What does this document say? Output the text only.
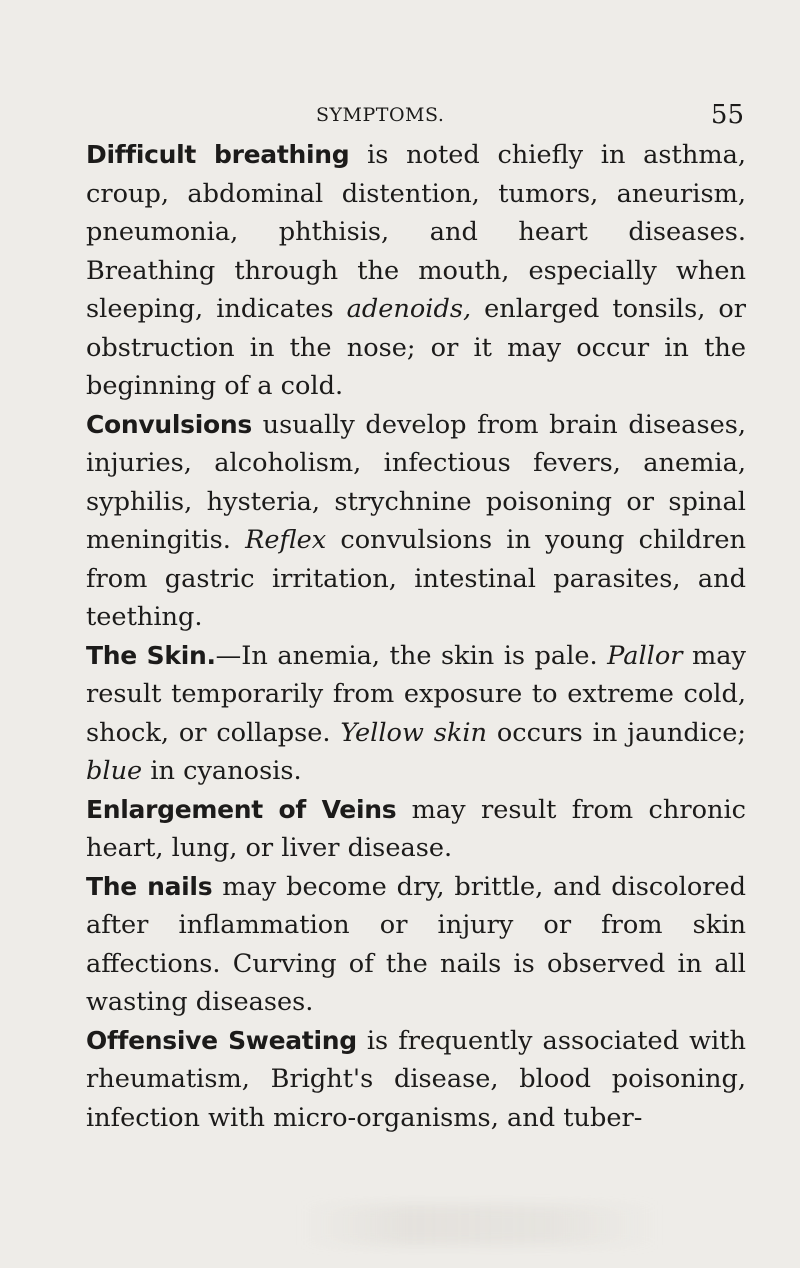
SYMPTOMS.	55

Difficult breathing is noted chiefly in asthma, croup, abdominal distention, tumors, aneurism, pneumonia, phthisis, and heart diseases. Breathing through the mouth, especially when sleeping, indicates adenoids, enlarged tonsils, or obstruction in the nose; or it may occur in the beginning of a cold.

Convulsions usually develop from brain diseases, injuries, alcoholism, infectious fevers, anemia, syphilis, hysteria, strychnine poisoning or spinal meningitis. Reflex convulsions in young children from gastric irritation, intestinal parasites, and teething.

The Skin.—In anemia, the skin is pale. Pallor may result temporarily from exposure to extreme cold, shock, or collapse. Yellow skin occurs in jaundice; blue in cyanosis.

Enlargement of Veins may result from chronic heart, lung, or liver disease.

The nails may become dry, brittle, and discolored after inflammation or injury or from skin affections. Curving of the nails is observed in all wasting diseases.

Offensive Sweating is frequently associated with rheumatism, Bright's disease, blood poisoning, infection with micro-organisms, and tuber-
